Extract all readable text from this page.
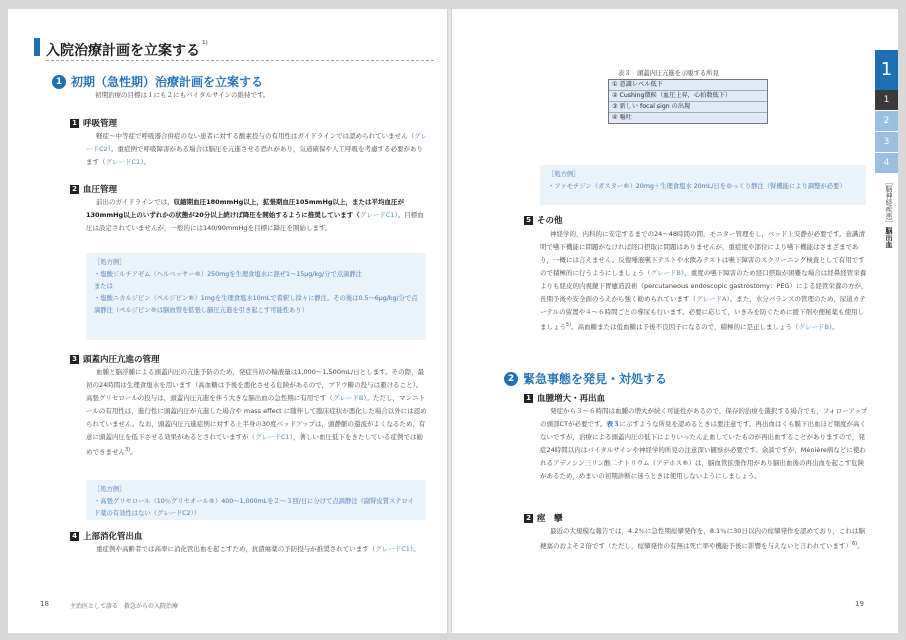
入院治療計画を立案する $^{1)}$
1 初期（急性期）治療計画を立案する

初期治療の目標は１にも２にもバイタルサインの維持です。

1 呼吸管理

軽症〜中等症で呼吸器合併症のない患者に対する酸素投与の有用性はガイドラインでは認められていません（グレードC2）。重症例で呼吸障害がある場合は脳圧を亢進させる恐れがあり，気道確保や人工呼吸を考慮する必要があります（グレードC1）。

2 血圧管理

前出のガイドラインでは，収縮期血圧180mmHg以上，拡張期血圧105mmHg以上，または平均血圧が130mmHg以上のいずれかの状態が20分以上続けば降圧を開始するように推奨しています（グレードC1）。目標血圧は設定されていませんが，一般的には140/90mmHgを目標に降圧を開始します。

［処方例］
・塩酸ジルチアゼム（ヘルベッサー®）250mgを生理食塩水に混ぜ1〜15μg/kg/分で点滴静注
または
・塩酸ニカルジピン（ペルジピン®）1mgを生理食塩水10mLで希釈し徐々に静注。その後は0.5〜6μg/kg/分で点滴静注（ペルジピン®は脳血管を拡張し脳圧亢進を引き起こす可能性あり）
3 頭蓋内圧亢進の管理

血腫と脳浮腫による頭蓋内圧の亢進予防のため，発症当初の輸液量は1,000〜1,500mL/日とします。その際，最初の24時間は生理食塩水を用います（高血糖は予後を悪化させる危険があるので，ブドウ糖の投与は避けること）。高張グリセロールの投与は，頭蓋内圧亢進を伴う大きな脳出血の急性期に有用です（グレードB）。ただし，マンニトールの有用性は，進行性に頭蓋内圧が亢進した場合や mass effect に随伴して臨床症状が悪化した場合以外には認められていません。なお，頭蓋内圧亢進症例に対する上半身の30度ベッドアップは，頭静脈の還流がよくなるため，有意に頭蓋内圧を低下させる効果があるとされていますが（グレードC1），著しい血圧低下をきたしている症例では勧めできません$^{3)}$。

［処方例］
・高張グリセロール（10％グリセオール®）400〜1,000mLを２〜３回/日に分けて点滴静注（副腎皮質ステロイド薬の有効性はない（グレードC2））
4 上部消化管出血

重症例や高齢者では高率に消化管出血を起こすため，抗潰瘍薬の予防投与が推奨されています（グレードC1）。

18	主治医として診る　救急からの入院治療
表３　頭蓋内圧亢進を示唆する所見
① 意識レベル低下
② Cushing徴候（血圧上昇，心拍数低下）
③ 新しい focal sign の出現
④ 嘔吐
［処方例］
・ファモチジン（ガスター®）20mg＋生理食塩水 20mL/日をゆっくり静注（腎機能により調整が必要）
5 その他

神経学的，内科的に安定するまでの24〜48時間の間，モニター管理をし，ベッド上安静が必要です。意識清明で嚥下機能に問題がなければ経口摂取に問題はありませんが，重症度や部位により嚥下機能はさまざまであり，一概には言えません。反復唾液嚥下テストや水飲みテストは嚥下障害のスクリーニング検査として有用ですので積極的に行うようにしましょう（グレードB）。重度の嚥下障害のため経口摂取が困難な場合は経鼻経管栄養よりも経皮的内視鏡下胃瘻造設術（percutaneous endoscopic gastrostomy：PEG）による経管栄養の方が，長期予後や安全面のうえから強く勧められています（グレードA）。また，水分バランスの管理のため，尿道カテーテルの留置や４〜６時間ごとの導尿も行います。必要に応じて，いきみを防ぐために緩下剤や便秘薬も使用しましょう$^{5)}$。高血糖または低血糖は予後不良因子になるので，積極的に是正しましょう（グレードB）。

2 緊急事態を発見・対処する
1 血腫増大・再出血

発症から３〜６時間は血腫の増大が続く可能性があるので，保存的治療を選択する場合でも，フォローアップの頭部CTが必要です。表３に示すような所見を認めるときは要注意です。再出血はくも膜下出血ほど頻度が高くないですが，治療による頭蓋内圧の低下によりいったん止血していたものが再出血することがありますので，発症24時間以内はバイタルサインや神経学的所見の注意深い観察が必要です。余談ですが，Ménière病などに使われるアデノシン三リン酸二ナトリウム（アデホス®）は，脳血管拡張作用があり脳出血後の再出血を起こす危険があるため，めまいの初期診断に迷うときは使用しないようにしましょう。

2 痙　攣

最近の大規模な報告では，4.2％に急性期痙攣発作を，8.1％に30日以内の痙攣発作を認めており，これは脳梗塞のおよそ２倍です（ただし，痙攣発作の有無は死亡率や機能予後に影響を与えないと言われています）$^{6)}$。

19
1
1
2
3
4
［脳神経疾患］脳出血
